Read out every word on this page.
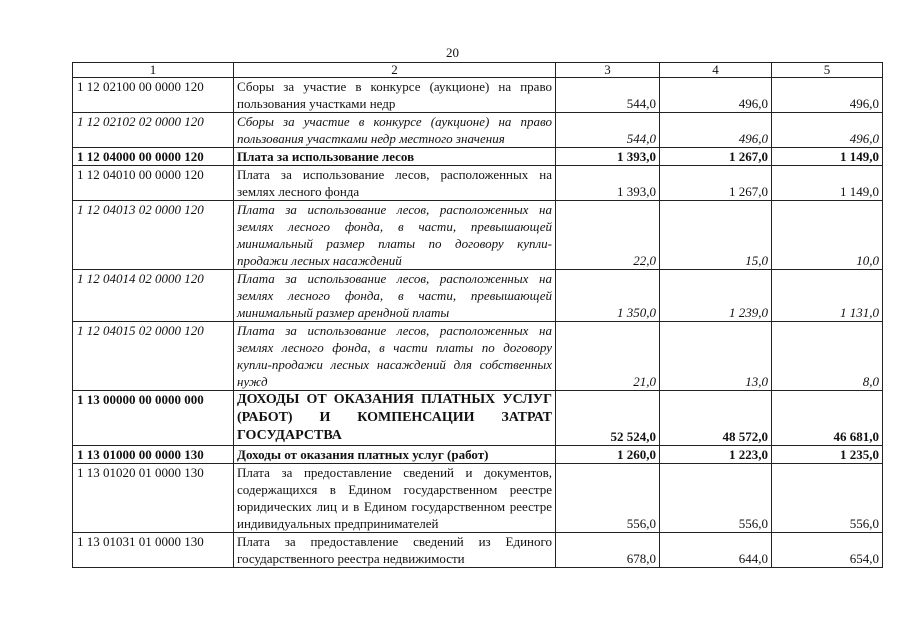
20
1	2	3	4	5
1 12 02100 00 0000 120	Сборы за участие в конкурсе (аукционе) на право пользования участками недр	544,0	496,0	496,0
1 12 02102 02 0000 120	Сборы за участие в конкурсе (аукционе) на право пользования участками недр местного значения	544,0	496,0	496,0
1 12 04000 00 0000 120	Плата за использование лесов	1 393,0	1 267,0	1 149,0
1 12 04010 00 0000 120	Плата за использование лесов, расположенных на землях лесного фонда	1 393,0	1 267,0	1 149,0
1 12 04013 02 0000 120	Плата за использование лесов, расположенных на землях лесного фонда, в части, превышающей минимальный размер платы по договору купли-продажи лесных насаждений	22,0	15,0	10,0
1 12 04014 02 0000 120	Плата за использование лесов, расположенных на землях лесного фонда, в части, превышающей минимальный размер арендной платы	1 350,0	1 239,0	1 131,0
1 12 04015 02 0000 120	Плата за использование лесов, расположенных на землях лесного фонда, в части платы по договору купли-продажи лесных насаждений для собственных нужд	21,0	13,0	8,0
1 13 00000 00 0000 000	ДОХОДЫ ОТ ОКАЗАНИЯ ПЛАТНЫХ УСЛУГ (РАБОТ) И КОМПЕНСАЦИИ ЗАТРАТ ГОСУДАРСТВА	52 524,0	48 572,0	46 681,0
1 13 01000 00 0000 130	Доходы от оказания платных услуг (работ)	1 260,0	1 223,0	1 235,0
1 13 01020 01 0000 130	Плата за предоставление сведений и документов, содержащихся в Едином государственном реестре юридических лиц и в Едином государственном реестре индивидуальных предпринимателей	556,0	556,0	556,0
1 13 01031 01 0000 130	Плата за предоставление сведений из Единого государственного реестра недвижимости	678,0	644,0	654,0
